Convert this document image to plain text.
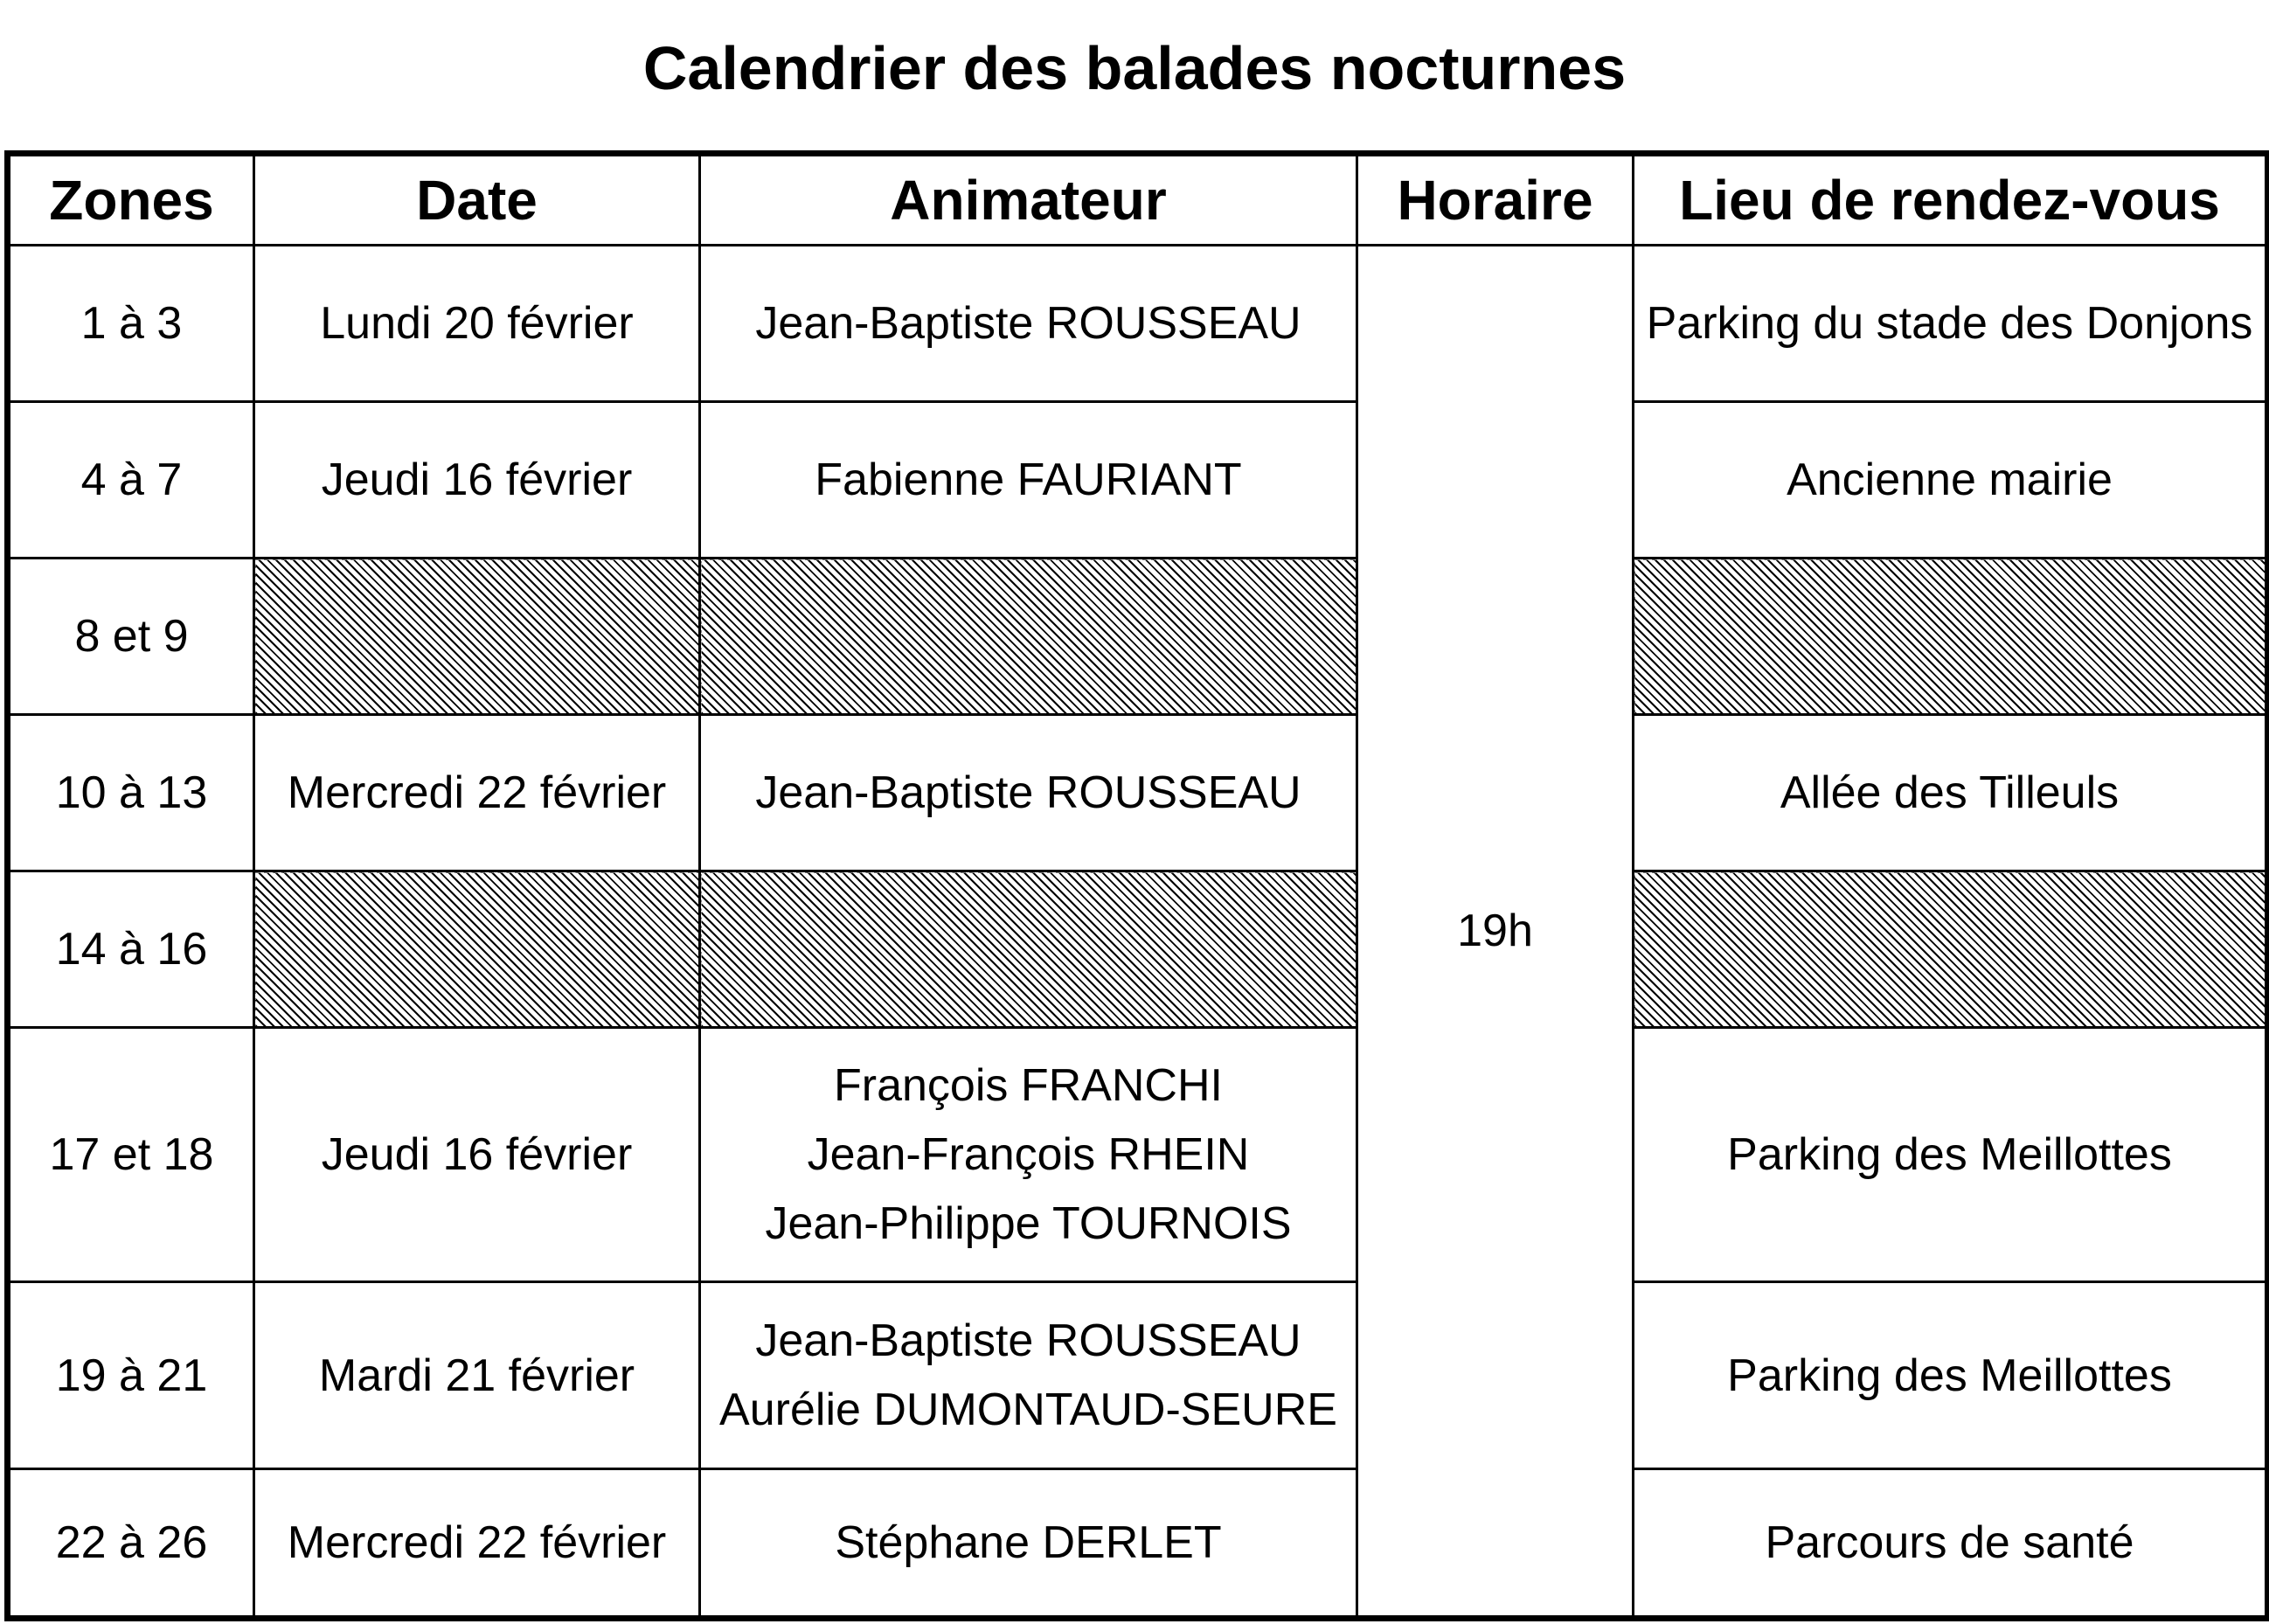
Calendrier des balades nocturnes
Zones	Date	Animateur	Horaire	Lieu de rendez-vous
1 à 3	Lundi 20 février	Jean-Baptiste ROUSSEAU	19h	Parking du stade des Donjons
4 à 7	Jeudi 16 février	Fabienne FAURIANT		Ancienne mairie
8 et 9				
10 à 13	Mercredi 22 février	Jean-Baptiste ROUSSEAU		Allée des Tilleuls
14 à 16				
17 et 18	Jeudi 16 février	François FRANCHI
Jean-François RHEIN
Jean-Philippe TOURNOIS		Parking des Meillottes
19 à 21	Mardi 21 février	Jean-Baptiste ROUSSEAU
Aurélie DUMONTAUD-SEURE		Parking des Meillottes
22 à 26	Mercredi 22 février	Stéphane DERLET		Parcours de santé
